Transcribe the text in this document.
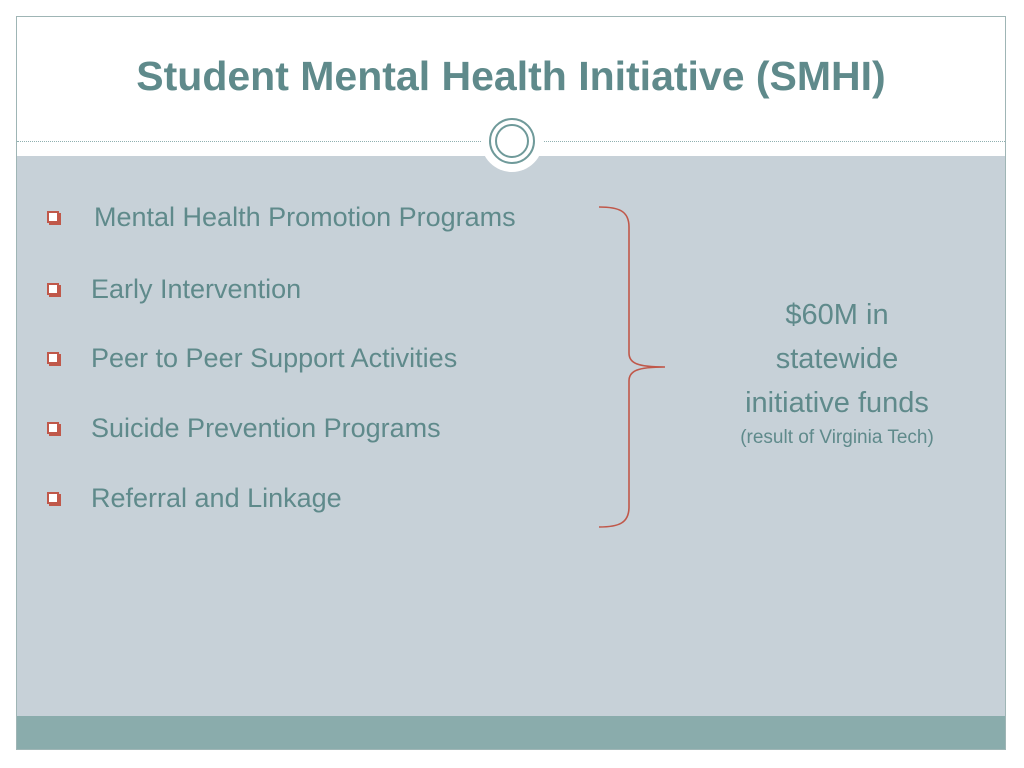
Student Mental Health Initiative (SMHI)
Mental Health Promotion Programs
Early Intervention
Peer to Peer Support Activities
Suicide Prevention Programs
Referral and Linkage
$60M in
statewide
initiative funds
(result of Virginia Tech)
